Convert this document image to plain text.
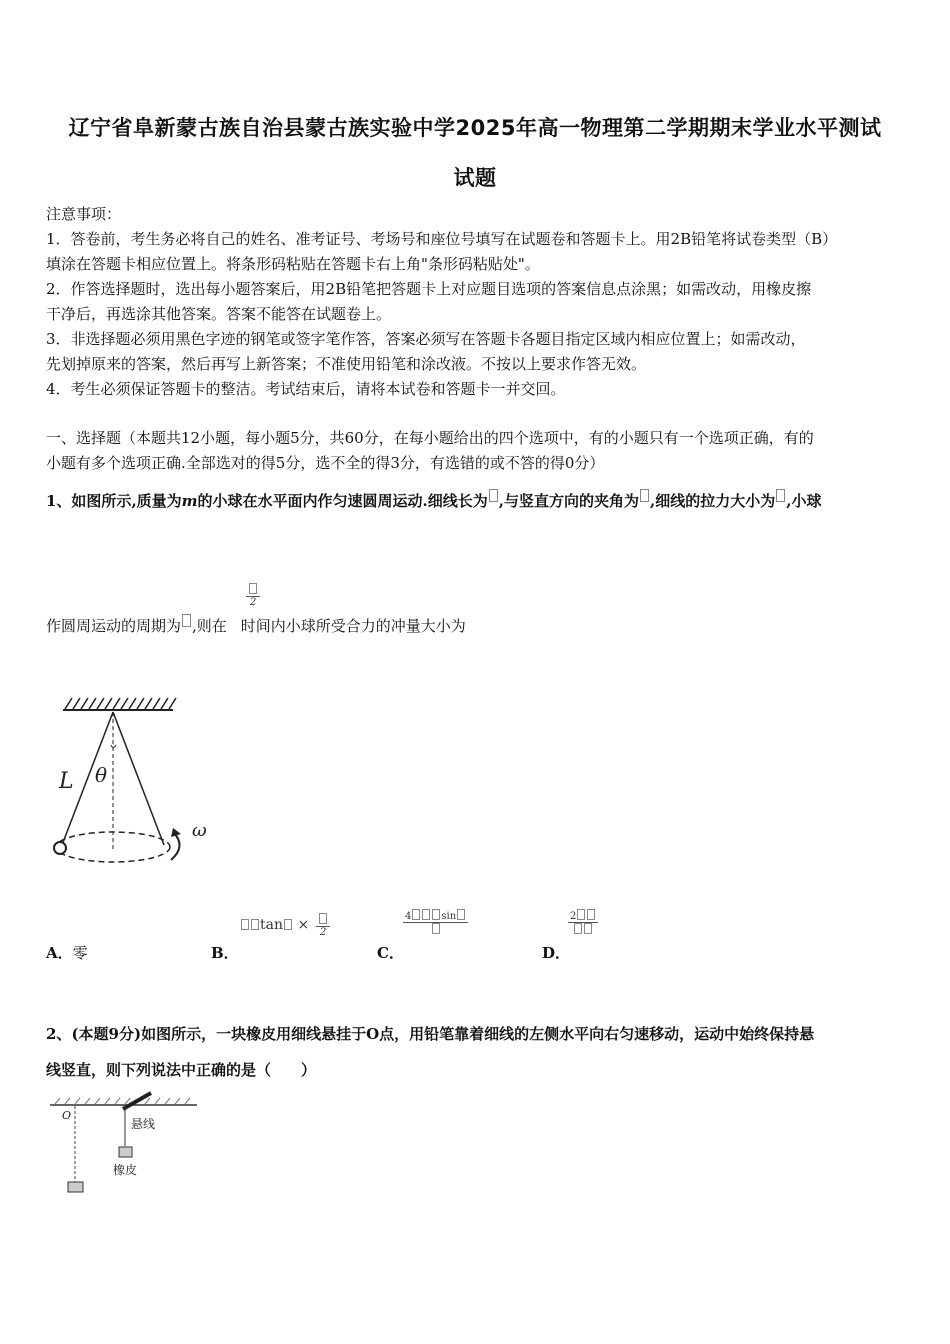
辽宁省阜新蒙古族自治县蒙古族实验中学2025年高一物理第二学期期末学业水平测试
试题
注意事项：
1．答卷前，考生务必将自己的姓名、准考证号、考场号和座位号填写在试题卷和答题卡上。用2B铅笔将试卷类型（B）
填涂在答题卡相应位置上。将条形码粘贴在答题卡右上角"条形码粘贴处"。
2．作答选择题时，选出每小题答案后，用2B铅笔把答题卡上对应题目选项的答案信息点涂黑；如需改动，用橡皮擦
干净后，再选涂其他答案。答案不能答在试题卷上。
3．非选择题必须用黑色字迹的钢笔或签字笔作答，答案必须写在答题卡各题目指定区域内相应位置上；如需改动，
先划掉原来的答案，然后再写上新答案；不准使用铅笔和涂改液。不按以上要求作答无效。
4．考生必须保证答题卡的整洁。考试结束后，请将本试卷和答题卡一并交回。
一、选择题（本题共12小题，每小题5分，共60分，在每小题给出的四个选项中，有的小题只有一个选项正确，有的
小题有多个选项正确.全部选对的得5分，选不全的得3分，有选错的或不答的得0分）
1、如图所示,质量为m的小球在水平面内作匀速圆周运动.细线长为 ,与竖直方向的夹角为 ,细线的拉力大小为 ,小球
2
作圆周运动的周期为 ,则在 时间内小球所受合力的冲量大小为
L θ
ω
A．零	B．
tan ×	2
C．
4	sin
D．
2
2、(本题9分)如图所示，一块橡皮用细线悬挂于O点，用铅笔靠着细线的左侧水平向右匀速移动，运动中始终保持悬
线竖直，则下列说法中正确的是（　　）
O
悬线
橡皮
